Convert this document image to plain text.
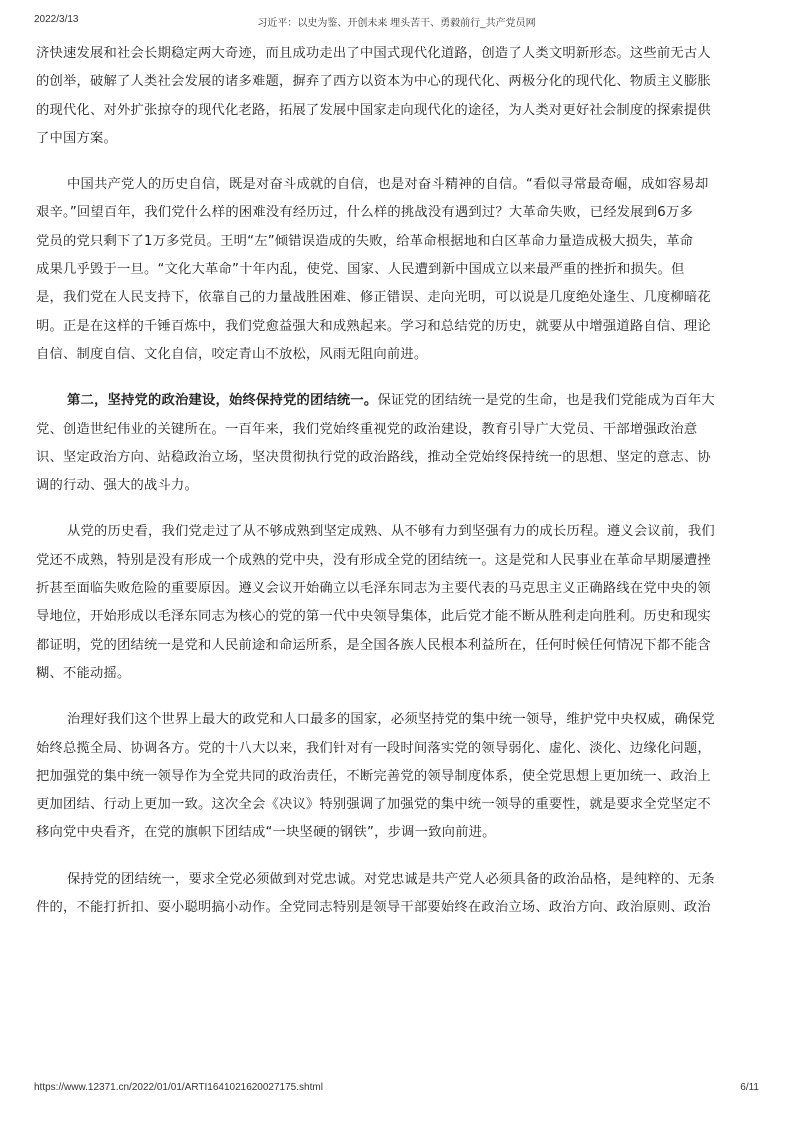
2022/3/13	习近平：以史为鉴、开创未来 埋头苦干、勇毅前行_共产党员网

济快速发展和社会长期稳定两大奇迹，而且成功走出了中国式现代化道路，创造了人类文明新形态。这些前无古人
的创举，破解了人类社会发展的诸多难题，摒弃了西方以资本为中心的现代化、两极分化的现代化、物质主义膨胀
的现代化、对外扩张掠夺的现代化老路，拓展了发展中国家走向现代化的途径，为人类对更好社会制度的探索提供
了中国方案。

中国共产党人的历史自信，既是对奋斗成就的自信，也是对奋斗精神的自信。“看似寻常最奇崛，成如容易却
艰辛。”回望百年，我们党什么样的困难没有经历过，什么样的挑战没有遇到过？大革命失败，已经发展到6万多
党员的党只剩下了1万多党员。王明“左”倾错误造成的失败，给革命根据地和白区革命力量造成极大损失，革命
成果几乎毁于一旦。“文化大革命”十年内乱，使党、国家、人民遭到新中国成立以来最严重的挫折和损失。但
是，我们党在人民支持下，依靠自己的力量战胜困难、修正错误、走向光明，可以说是几度绝处逢生、几度柳暗花
明。正是在这样的千锤百炼中，我们党愈益强大和成熟起来。学习和总结党的历史，就要从中增强道路自信、理论
自信、制度自信、文化自信，咬定青山不放松，风雨无阻向前进。

第二，坚持党的政治建设，始终保持党的团结统一。保证党的团结统一是党的生命，也是我们党能成为百年大
党、创造世纪伟业的关键所在。一百年来，我们党始终重视党的政治建设，教育引导广大党员、干部增强政治意
识、坚定政治方向、站稳政治立场，坚决贯彻执行党的政治路线，推动全党始终保持统一的思想、坚定的意志、协
调的行动、强大的战斗力。

从党的历史看，我们党走过了从不够成熟到坚定成熟、从不够有力到坚强有力的成长历程。遵义会议前，我们
党还不成熟，特别是没有形成一个成熟的党中央，没有形成全党的团结统一。这是党和人民事业在革命早期屡遭挫
折甚至面临失败危险的重要原因。遵义会议开始确立以毛泽东同志为主要代表的马克思主义正确路线在党中央的领
导地位，开始形成以毛泽东同志为核心的党的第一代中央领导集体，此后党才能不断从胜利走向胜利。历史和现实
都证明，党的团结统一是党和人民前途和命运所系，是全国各族人民根本利益所在，任何时候任何情况下都不能含
糊、不能动摇。

治理好我们这个世界上最大的政党和人口最多的国家，必须坚持党的集中统一领导，维护党中央权威，确保党
始终总揽全局、协调各方。党的十八大以来，我们针对有一段时间落实党的领导弱化、虚化、淡化、边缘化问题，
把加强党的集中统一领导作为全党共同的政治责任，不断完善党的领导制度体系，使全党思想上更加统一、政治上
更加团结、行动上更加一致。这次全会《决议》特别强调了加强党的集中统一领导的重要性，就是要求全党坚定不
移向党中央看齐，在党的旗帜下团结成“一块坚硬的钢铁”，步调一致向前进。

保持党的团结统一，要求全党必须做到对党忠诚。对党忠诚是共产党人必须具备的政治品格，是纯粹的、无条
件的，不能打折扣、耍小聪明搞小动作。全党同志特别是领导干部要始终在政治立场、政治方向、政治原则、政治

https://www.12371.cn/2022/01/01/ARTI1641021620027175.shtml	6/11
